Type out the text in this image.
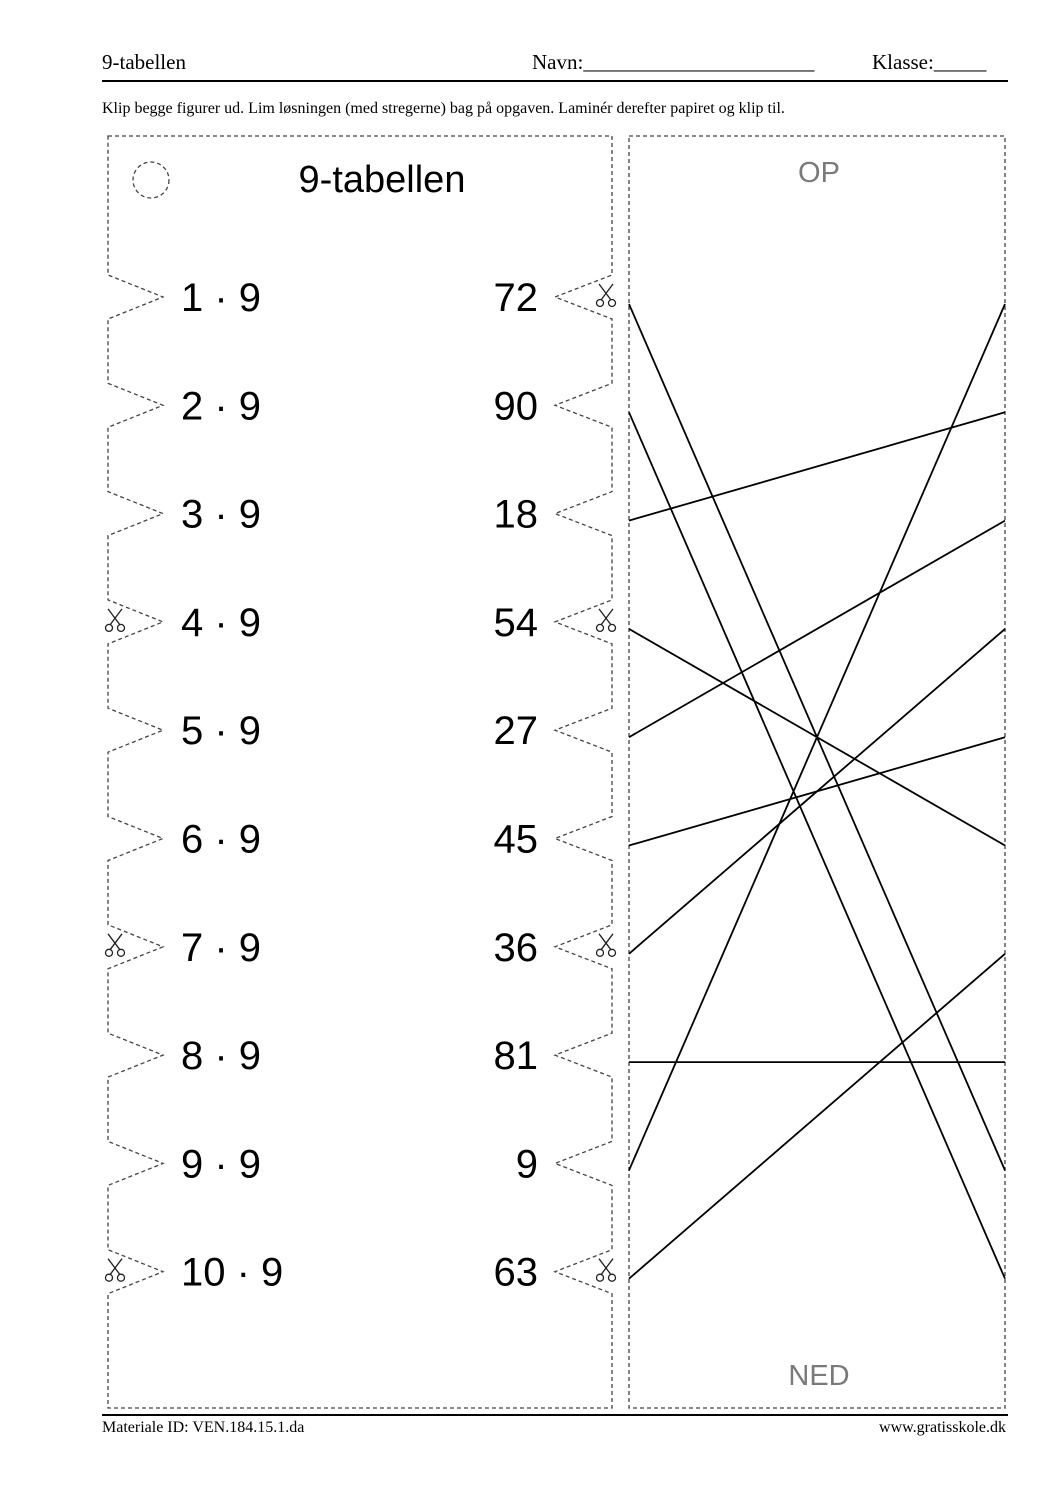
9-tabellen	Navn:______________________	Klasse:_____
Klip begge figurer ud. Lim løsningen (med stregerne) bag på opgaven. Laminér derefter papiret og klip til.
9-tabellen
1 · 9	72
2 · 9	90
3 · 9	18
4 · 9	54
5 · 9	27
6 · 9	45
7 · 9	36
8 · 9	81
9 · 9	9
10 · 9	63
OP
NED
Materiale ID: VEN.184.15.1.da	www.gratisskole.dk
